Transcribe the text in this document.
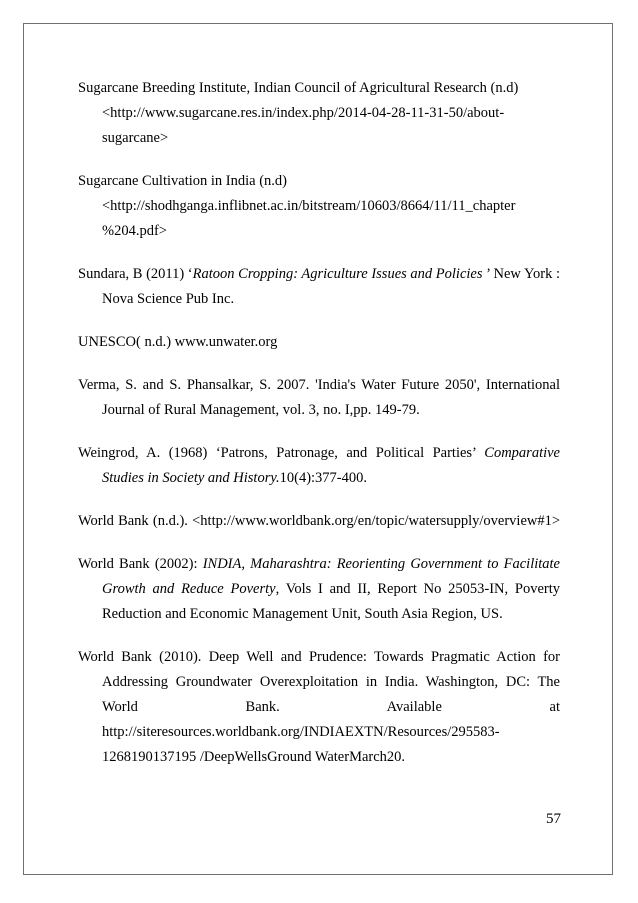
Sugarcane Breeding Institute, Indian Council of Agricultural Research (n.d) <http://www.sugarcane.res.in/index.php/2014-04-28-11-31-50/about-sugarcane>

Sugarcane Cultivation in India (n.d)
<http://shodhganga.inflibnet.ac.in/bitstream/10603/8664/11/11_chapter %204.pdf>

Sundara, B (2011) ‘Ratoon Cropping: Agriculture Issues and Policies ’ New York : Nova Science Pub Inc.

UNESCO( n.d.) www.unwater.org

Verma, S. and S. Phansalkar, S. 2007. 'India's Water Future 2050', International Journal of Rural Management, vol. 3, no. I,pp. 149-79.

Weingrod, A. (1968) ‘Patrons, Patronage, and Political Parties’ Comparative Studies in Society and History.10(4):377-400.

World Bank (n.d.). <http://www.worldbank.org/en/topic/watersupply/overview#1>

World Bank (2002): INDIA, Maharashtra: Reorienting Government to Facilitate Growth and Reduce Poverty, Vols I and II, Report No 25053-IN, Poverty Reduction and Economic Management Unit, South Asia Region, US.

World Bank (2010). Deep Well and Prudence: Towards Pragmatic Action for Addressing Groundwater Overexploitation in India. Washington, DC: The World Bank. Available at http://siteresources.worldbank.org/INDIAEXTN/Resources/295583-1268190137195 /DeepWellsGround WaterMarch20.

57
